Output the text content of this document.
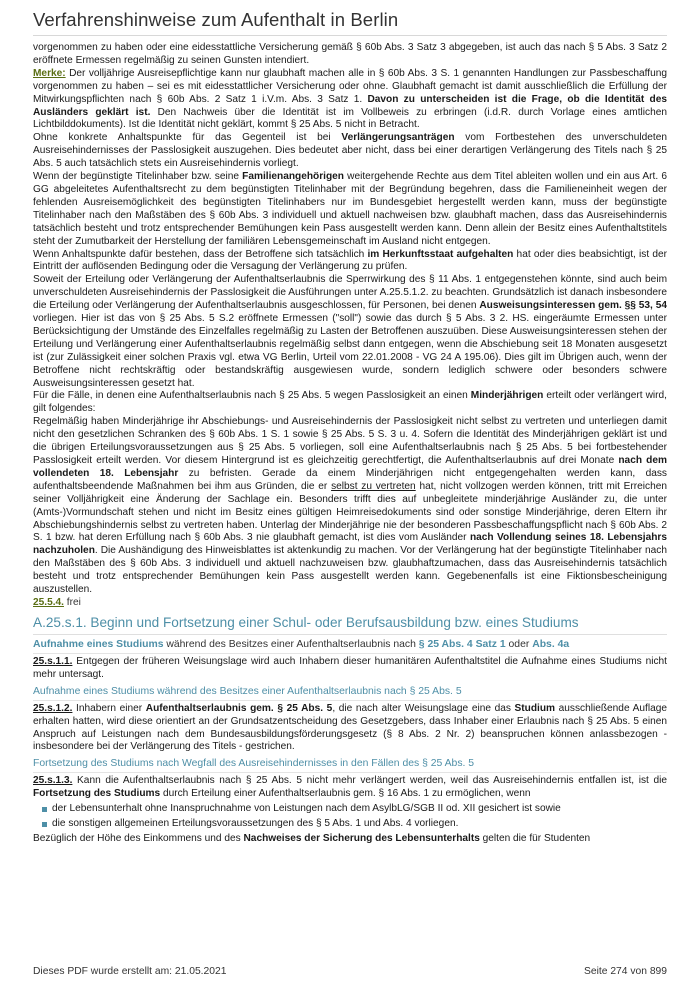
Verfahrenshinweise zum Aufenthalt in Berlin

vorgenommen zu haben oder eine eidesstattliche Versicherung gemäß § 60b Abs. 3 Satz 3 abgegeben, ist auch das nach § 5 Abs. 3 Satz 2 eröffnete Ermessen regelmäßig zu seinen Gunsten intendiert.

Merke: Der volljährige Ausreisepflichtige kann nur glaubhaft machen alle in § 60b Abs. 3 S. 1 genannten Handlungen zur Passbeschaffung vorgenommen zu haben – sei es mit eidesstattlicher Versicherung oder ohne. Glaubhaft gemacht ist damit ausschließlich die Erfüllung der Mitwirkungspflichten nach § 60b Abs. 2 Satz 1 i.V.m. Abs. 3 Satz 1. Davon zu unterscheiden ist die Frage, ob die Identität des Ausländers geklärt ist. Den Nachweis über die Identität ist im Vollbeweis zu erbringen (i.d.R. durch Vorlage eines amtlichen Lichtbilddokuments). Ist die Identität nicht geklärt, kommt § 25 Abs. 5 nicht in Betracht.

Ohne konkrete Anhaltspunkte für das Gegenteil ist bei Verlängerungsanträgen vom Fortbestehen des unverschuldeten Ausreisehindernisses der Passlosigkeit auszugehen. Dies bedeutet aber nicht, dass bei einer derartigen Verlängerung des Titels nach § 25 Abs. 5 auch tatsächlich stets ein Ausreisehindernis vorliegt.

Wenn der begünstigte Titelinhaber bzw. seine Familienangehörigen weitergehende Rechte aus dem Titel ableiten wollen und ein aus Art. 6 GG abgeleitetes Aufenthaltsrecht zu dem begünstigten Titelinhaber mit der Begründung begehren, dass die Familieneinheit wegen der fehlenden Ausreisemöglichkeit des begünstigten Titelinhabers nur im Bundesgebiet hergestellt werden kann, muss der begünstigte Titelinhaber nach den Maßstäben des § 60b Abs. 3 individuell und aktuell nachweisen bzw. glaubhaft machen, dass das Ausreisehindernis tatsächlich besteht und trotz entsprechender Bemühungen kein Pass ausgestellt werden kann. Denn allein der Besitz eines Aufenthaltstitels steht der Zumutbarkeit der Herstellung der familiären Lebensgemeinschaft im Ausland nicht entgegen.

Wenn Anhaltspunkte dafür bestehen, dass der Betroffene sich tatsächlich im Herkunftsstaat aufgehalten hat oder dies beabsichtigt, ist der Eintritt der auflösenden Bedingung oder die Versagung der Verlängerung zu prüfen.

Soweit der Erteilung oder Verlängerung der Aufenthaltserlaubnis die Sperrwirkung des § 11 Abs. 1 entgegenstehen könnte, sind auch beim unverschuldeten Ausreisehindernis der Passlosigkeit die Ausführungen unter A.25.5.1.2. zu beachten. Grundsätzlich ist danach insbesondere die Erteilung oder Verlängerung der Aufenthaltserlaubnis ausgeschlossen, für Personen, bei denen Ausweisungsinteressen gem. §§ 53, 54 vorliegen. Hier ist das von § 25 Abs. 5 S.2 eröffnete Ermessen ("soll") sowie das durch § 5 Abs. 3 2. HS. eingeräumte Ermessen unter Berücksichtigung der Umstände des Einzelfalles regelmäßig zu Lasten der Betroffenen auszuüben. Diese Ausweisungsinteressen stehen der Erteilung und Verlängerung einer Aufenthaltserlaubnis regelmäßig selbst dann entgegen, wenn die Abschiebung seit 18 Monaten ausgesetzt ist (zur Zulässigkeit einer solchen Praxis vgl. etwa VG Berlin, Urteil vom 22.01.2008 - VG 24 A 195.06). Dies gilt im Übrigen auch, wenn der Betroffene nicht rechtskräftig oder bestandskräftig ausgewiesen wurde, sondern lediglich schwere oder besonders schwere Ausweisungsinteressen gesetzt hat.

Für die Fälle, in denen eine Aufenthaltserlaubnis nach § 25 Abs. 5 wegen Passlosigkeit an einen Minderjährigen erteilt oder verlängert wird, gilt folgendes:

Regelmäßig haben Minderjährige ihr Abschiebungs- und Ausreisehindernis der Passlosigkeit nicht selbst zu vertreten und unterliegen damit nicht den gesetzlichen Schranken des § 60b Abs. 1 S. 1 sowie § 25 Abs. 5 S. 3 u. 4. Sofern die Identität des Minderjährigen geklärt ist und die übrigen Erteilungsvoraussetzungen aus § 25 Abs. 5 vorliegen, soll eine Aufenthaltserlaubnis nach § 25 Abs. 5 bei fortbestehender Passlosigkeit erteilt werden. Vor diesem Hintergrund ist es gleichzeitig gerechtfertigt, die Aufenthaltserlaubnis auf drei Monate nach dem vollendeten 18. Lebensjahr zu befristen. Gerade da einem Minderjährigen nicht entgegengehalten werden kann, dass aufenthaltsbeendende Maßnahmen bei ihm aus Gründen, die er selbst zu vertreten hat, nicht vollzogen werden können, tritt mit Erreichen seiner Volljährigkeit eine Änderung der Sachlage ein. Besonders trifft dies auf unbegleitete minderjährige Ausländer zu, die unter (Amts-)Vormundschaft stehen und nicht im Besitz eines gültigen Heimreisedokuments sind oder sonstige Minderjährige, deren Eltern ihr Abschiebungshindernis selbst zu vertreten haben. Unterlag der Minderjährige nie der besonderen Passbeschaffungspflicht nach § 60b Abs. 2 S. 1 bzw. hat deren Erfüllung nach § 60b Abs. 3 nie glaubhaft gemacht, ist dies vom Ausländer nach Vollendung seines 18. Lebensjahrs nachzuholen. Die Aushändigung des Hinweisblattes ist aktenkundig zu machen. Vor der Verlängerung hat der begünstigte Titelinhaber nach den Maßstäben des § 60b Abs. 3 individuell und aktuell nachzuweisen bzw. glaubhaftzumachen, dass das Ausreisehindernis tatsächlich besteht und trotz entsprechender Bemühungen kein Pass ausgestellt werden kann. Gegebenenfalls ist eine Fiktionsbescheinigung auszustellen.

25.5.4. frei

A.25.s.1. Beginn und Fortsetzung einer Schul- oder Berufsausbildung bzw. eines Studiums
Aufnahme eines Studiums während des Besitzes einer Aufenthaltserlaubnis nach § 25 Abs. 4 Satz 1 oder Abs. 4a

25.s.1.1. Entgegen der früheren Weisungslage wird auch Inhabern dieser humanitären Aufenthaltstitel die Aufnahme eines Studiums nicht mehr untersagt.

Aufnahme eines Studiums während des Besitzes einer Aufenthaltserlaubnis nach § 25 Abs. 5

25.s.1.2. Inhabern einer Aufenthaltserlaubnis gem. § 25 Abs. 5, die nach alter Weisungslage eine das Studium ausschließende Auflage erhalten hatten, wird diese orientiert an der Grundsatzentscheidung des Gesetzgebers, dass Inhaber einer Erlaubnis nach § 25 Abs. 5 einen Anspruch auf Leistungen nach dem Bundesausbildungsförderungsgesetz (§ 8 Abs. 2 Nr. 2) beanspruchen können anlassbezogen - insbesondere bei der Verlängerung des Titels - gestrichen.

Fortsetzung des Studiums nach Wegfall des Ausreisehindernisses in den Fällen des § 25 Abs. 5

25.s.1.3. Kann die Aufenthaltserlaubnis nach § 25 Abs. 5 nicht mehr verlängert werden, weil das Ausreisehindernis entfallen ist, ist die Fortsetzung des Studiums durch Erteilung einer Aufenthaltserlaubnis gem. § 16 Abs. 1 zu ermöglichen, wenn

der Lebensunterhalt ohne Inanspruchnahme von Leistungen nach dem AsylbLG/SGB II od. XII gesichert ist sowie
die sonstigen allgemeinen Erteilungsvoraussetzungen des § 5 Abs. 1 und Abs. 4 vorliegen.

Bezüglich der Höhe des Einkommens und des Nachweises der Sicherung des Lebensunterhalts gelten die für Studenten

Dieses PDF wurde erstellt am: 21.05.2021	Seite 274 von 899
